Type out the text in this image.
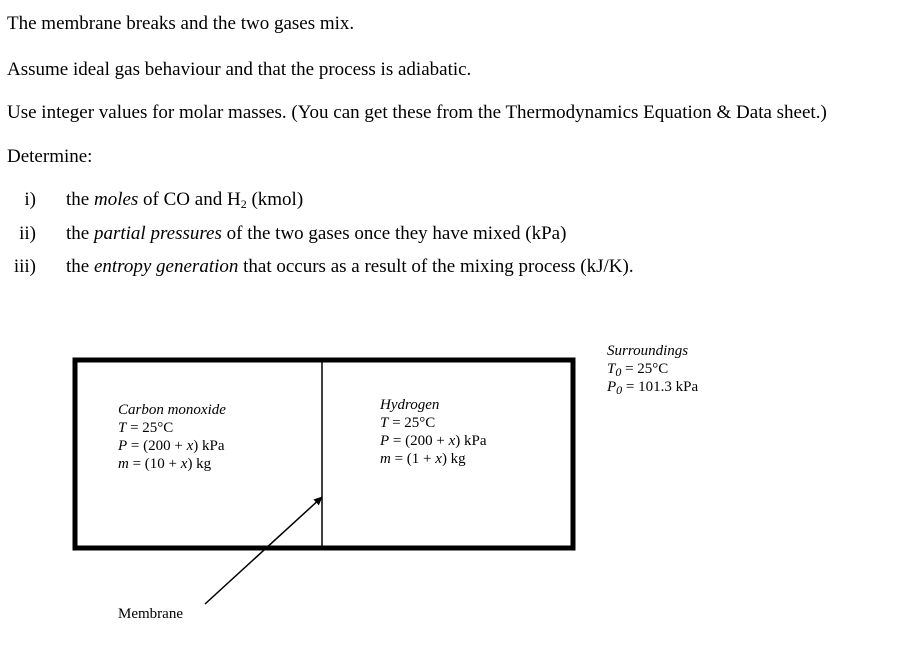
The membrane breaks and the two gases mix.
Assume ideal gas behaviour and that the process is adiabatic.
Use integer values for molar masses. (You can get these from the Thermodynamics Equation & Data sheet.)
Determine:
i) the moles of CO and $H_2$ (kmol)
ii) the partial pressures of the two gases once they have mixed (kPa)
iii) the entropy generation that occurs as a result of the mixing process (kJ/K).
Surroundings
$T_0 = 25^\circ C$
$P_0 = 101.3$ kPa
Carbon monoxide
T = 25°C
P = (200 + x) kPa
m = (10 + x) kg
Hydrogen
T = 25°C
P = (200 + x) kPa
m = (1 + x) kg
Membrane
